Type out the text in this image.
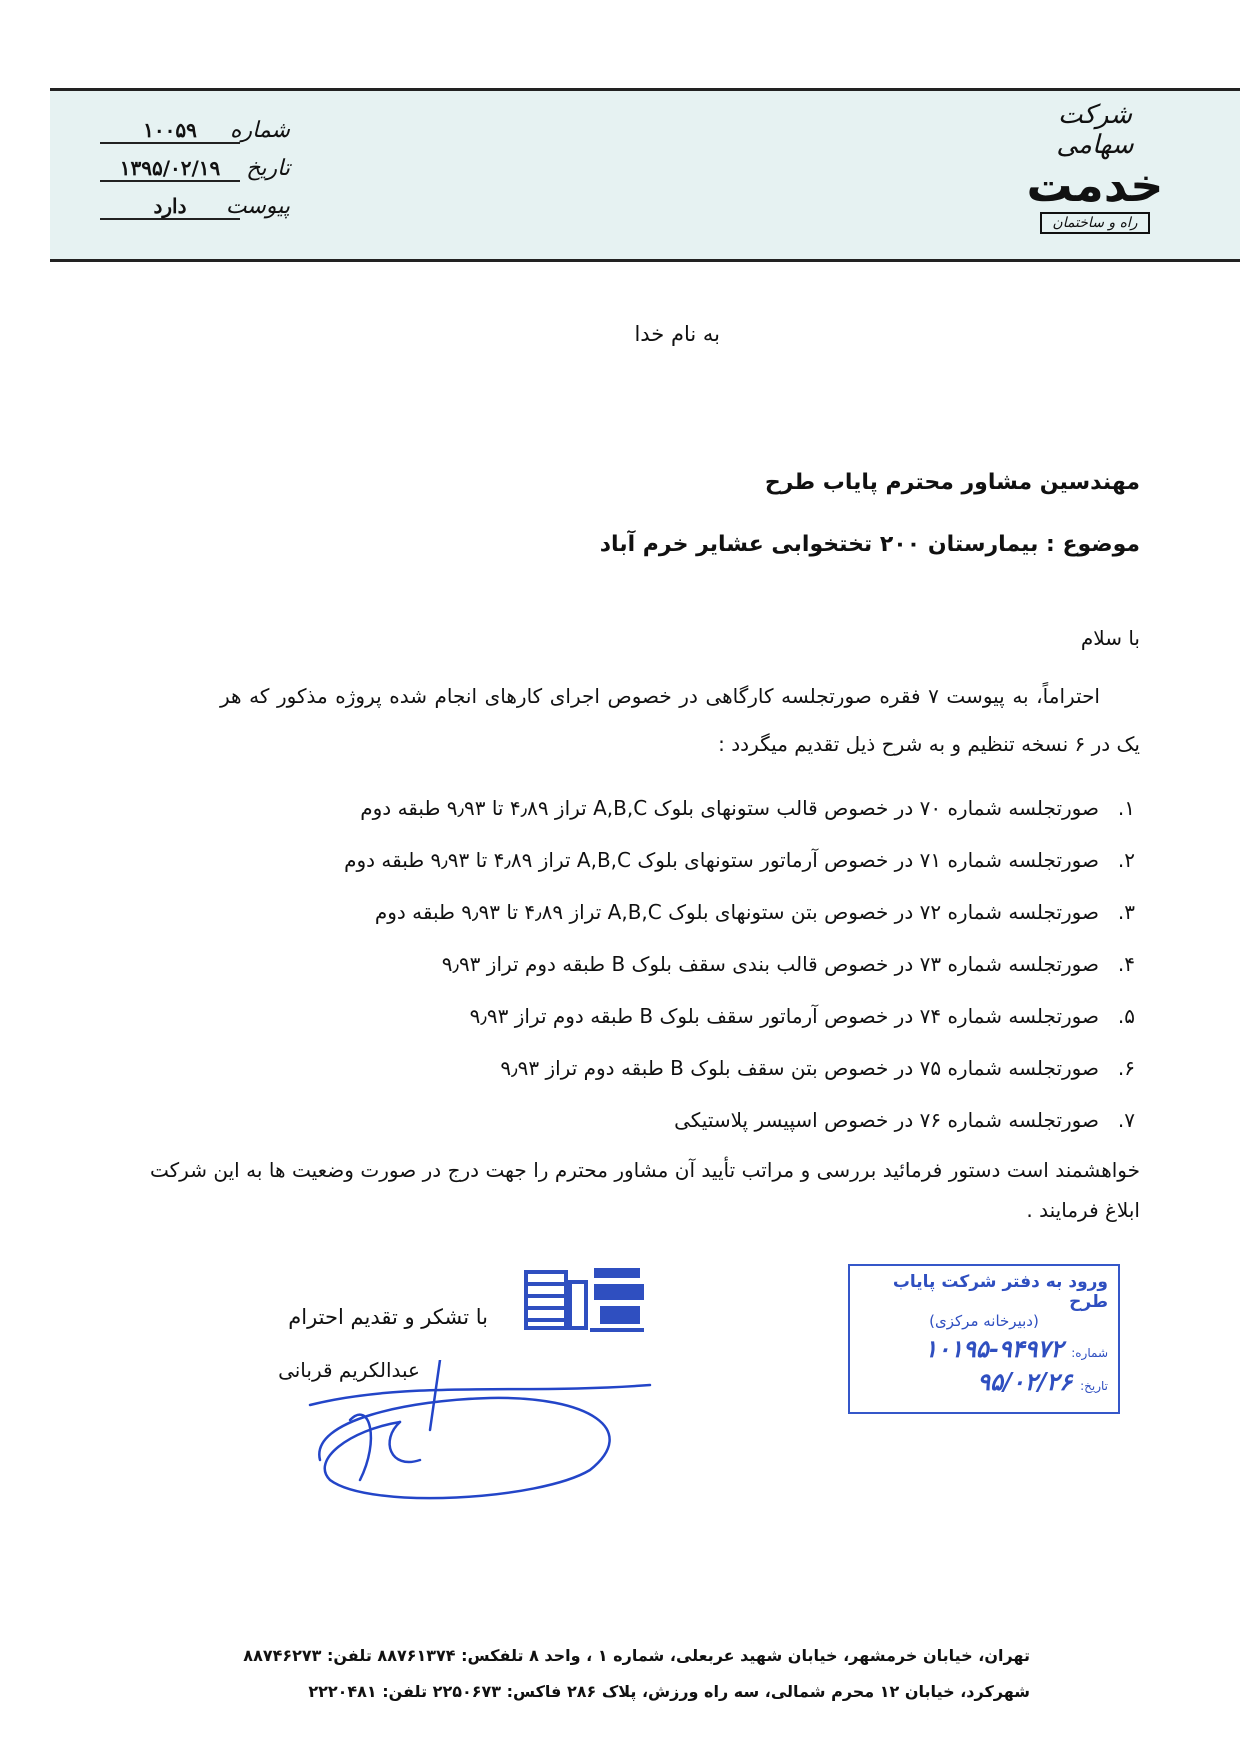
شرکت سهامی
خدمت
راه و ساختمان
شماره
۱۰۰۵۹
تاریخ
۱۳۹۵/۰۲/۱۹
پیوست
دارد
به نام خدا
مهندسین مشاور محترم پایاب طرح
موضوع : بیمارستان ۲۰۰ تختخوابی عشایر خرم آباد
با سلام
احتراماً، به پیوست ۷ فقره صورتجلسه کارگاهی در خصوص اجرای کارهای انجام شده پروژه مذکور که هر یک در ۶ نسخه تنظیم و به شرح ذیل تقدیم میگردد :
۱.
صورتجلسه شماره ۷۰ در خصوص قالب ستونهای بلوک A,B,C تراز ۴٫۸۹ تا ۹٫۹۳ طبقه دوم
۲.
صورتجلسه شماره ۷۱ در خصوص آرماتور ستونهای بلوک A,B,C تراز ۴٫۸۹ تا ۹٫۹۳ طبقه دوم
۳.
صورتجلسه شماره ۷۲ در خصوص بتن ستونهای بلوک A,B,C تراز ۴٫۸۹ تا ۹٫۹۳ طبقه دوم
۴.
صورتجلسه شماره ۷۳ در خصوص قالب بندی سقف بلوک B طبقه دوم تراز ۹٫۹۳
۵.
صورتجلسه شماره ۷۴ در خصوص آرماتور سقف بلوک B طبقه دوم تراز ۹٫۹۳
۶.
صورتجلسه شماره ۷۵ در خصوص بتن سقف بلوک B طبقه دوم تراز ۹٫۹۳
۷.
صورتجلسه شماره ۷۶ در خصوص اسپیسر پلاستیکی
خواهشمند است دستور فرمائید بررسی و مراتب تأیید آن مشاور محترم را جهت درج در صورت وضعیت ها به این شرکت ابلاغ فرمایند .
با تشکر و تقدیم احترام
عبدالکریم قربانی
ورود به دفتر شرکت پایاب طرح
(دبیرخانه مرکزی)
شماره:
۱۰۱۹۵-۹۴۹۷۲
تاریخ:
۹۵/۰۲/۲۶
تهران، خیابان خرمشهر، خیابان شهید عربعلی، شماره ۱ ، واحد ۸ تلفکس: ۸۸۷۶۱۳۷۴ تلفن: ۸۸۷۴۶۲۷۳
شهرکرد، خیابان ۱۲ محرم شمالی، سه راه ورزش، پلاک ۲۸۶ فاکس: ۲۲۵۰۶۷۳ تلفن: ۲۲۲۰۴۸۱
